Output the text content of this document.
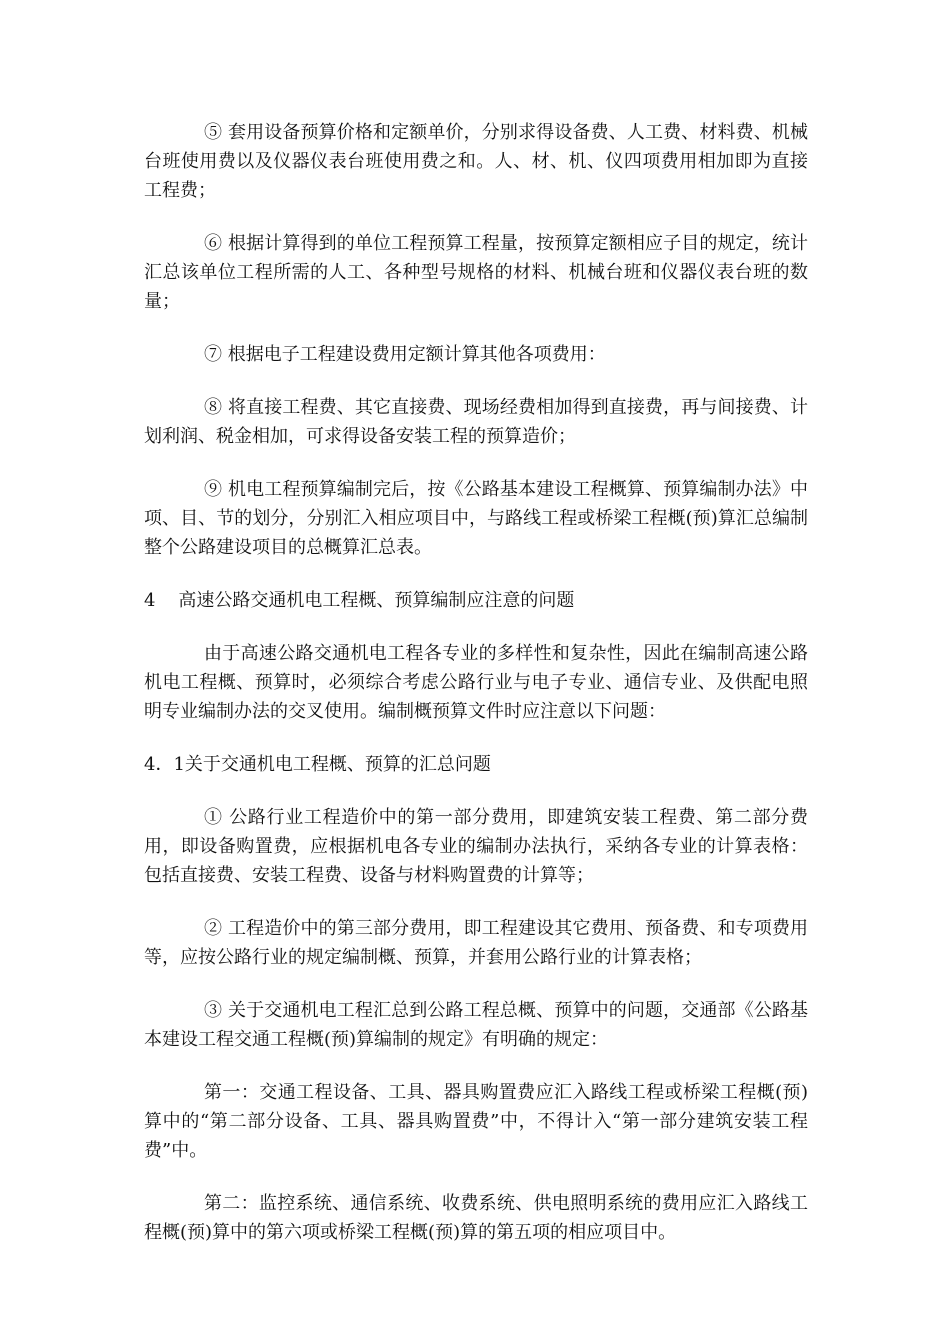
⑤ 套用设备预算价格和定额单价，分别求得设备费、人工费、材料费、机械台班使用费以及仪器仪表台班使用费之和。人、材、机、仪四项费用相加即为直接工程费；

⑥ 根据计算得到的单位工程预算工程量，按预算定额相应子目的规定，统计汇总该单位工程所需的人工、各种型号规格的材料、机械台班和仪器仪表台班的数量；

⑦ 根据电子工程建设费用定额计算其他各项费用：

⑧ 将直接工程费、其它直接费、现场经费相加得到直接费，再与间接费、计划利润、税金相加，可求得设备安装工程的预算造价；

⑨ 机电工程预算编制完后，按《公路基本建设工程概算、预算编制办法》中项、目、节的划分，分别汇入相应项目中，与路线工程或桥梁工程概(预)算汇总编制整个公路建设项目的总概算汇总表。

4    高速公路交通机电工程概、预算编制应注意的问题

由于高速公路交通机电工程各专业的多样性和复杂性，因此在编制高速公路机电工程概、预算时，必须综合考虑公路行业与电子专业、通信专业、及供配电照明专业编制办法的交叉使用。编制概预算文件时应注意以下问题：

4．1关于交通机电工程概、预算的汇总问题

① 公路行业工程造价中的第一部分费用，即建筑安装工程费、第二部分费用，即设备购置费，应根据机电各专业的编制办法执行，采纳各专业的计算表格：包括直接费、安装工程费、设备与材料购置费的计算等；

② 工程造价中的第三部分费用，即工程建设其它费用、预备费、和专项费用等，应按公路行业的规定编制概、预算，并套用公路行业的计算表格；

③ 关于交通机电工程汇总到公路工程总概、预算中的问题，交通部《公路基本建设工程交通工程概(预)算编制的规定》有明确的规定：

第一：交通工程设备、工具、器具购置费应汇入路线工程或桥梁工程概(预)算中的“第二部分设备、工具、器具购置费”中，不得计入“第一部分建筑安装工程费”中。

第二：监控系统、通信系统、收费系统、供电照明系统的费用应汇入路线工程概(预)算中的第六项或桥梁工程概(预)算的第五项的相应项目中。
